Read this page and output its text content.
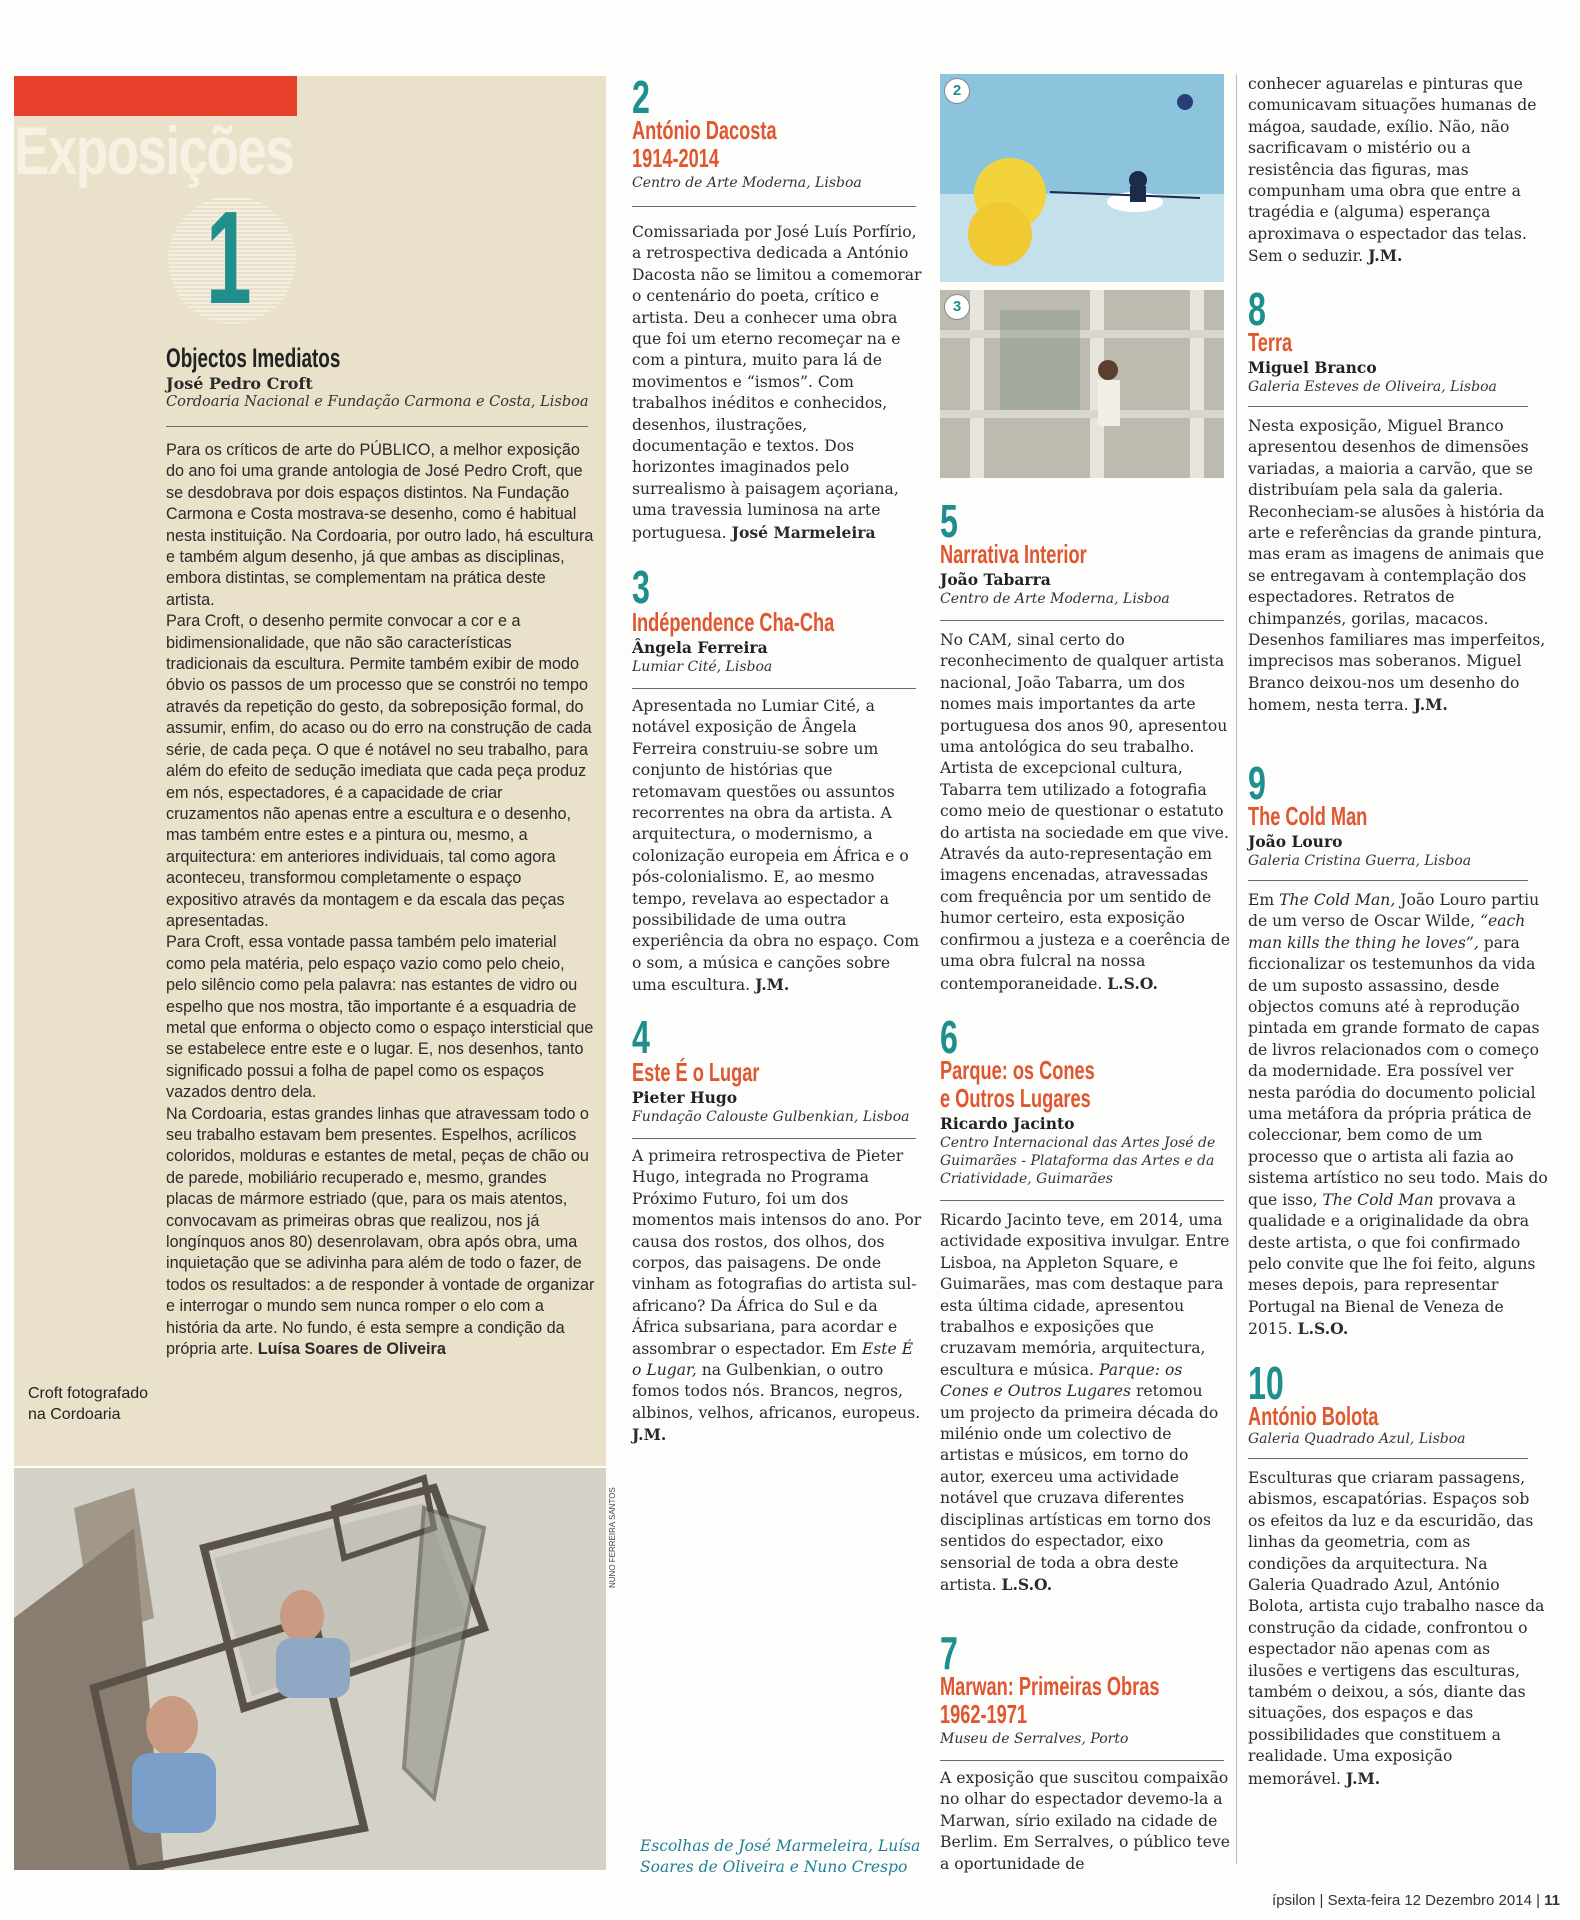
Exposições
1
Objectos Imediatos
José Pedro Croft
Cordoaria Nacional e Fundação Carmona e Costa, Lisboa

Para os críticos de arte do PÚBLICO, a melhor exposição do ano foi uma grande antologia de José Pedro Croft, que se desdobrava por dois espaços distintos. Na Fundação Carmona e Costa mostrava-se desenho, como é habitual nesta instituição. Na Cordoaria, por outro lado, há escultura e também algum desenho, já que ambas as disciplinas, embora distintas, se complementam na prática deste artista.

Para Croft, o desenho permite convocar a cor e a bidimensionalidade, que não são características tradicionais da escultura. Permite também exibir de modo óbvio os passos de um processo que se constrói no tempo através da repetição do gesto, da sobreposição formal, do assumir, enfim, do acaso ou do erro na construção de cada série, de cada peça. O que é notável no seu trabalho, para além do efeito de sedução imediata que cada peça produz em nós, espectadores, é a capacidade de criar cruzamentos não apenas entre a escultura e o desenho, mas também entre estes e a pintura ou, mesmo, a arquitectura: em anteriores individuais, tal como agora aconteceu, transformou completamente o espaço expositivo através da montagem e da escala das peças apresentadas.

Para Croft, essa vontade passa também pelo imaterial como pela matéria, pelo espaço vazio como pelo cheio, pelo silêncio como pela palavra: nas estantes de vidro ou espelho que nos mostra, tão importante é a esquadria de metal que enforma o objecto como o espaço intersticial que se estabelece entre este e o lugar. E, nos desenhos, tanto significado possui a folha de papel como os espaços vazados dentro dela.

Na Cordoaria, estas grandes linhas que atravessam todo o seu trabalho estavam bem presentes. Espelhos, acrílicos coloridos, molduras e estantes de metal, peças de chão ou de parede, mobiliário recuperado e, mesmo, grandes placas de mármore estriado (que, para os mais atentos, convocavam as primeiras obras que realizou, nos já longínquos anos 80) desenrolavam, obra após obra, uma inquietação que se adivinha para além de todo o fazer, de todos os resultados: a de responder à vontade de organizar e interrogar o mundo sem nunca romper o elo com a história da arte. No fundo, é esta sempre a condição da própria arte. Luísa Soares de Oliveira

Croft fotografado na Cordoaria
NUNO FERREIRA SANTOS
2
António Dacosta
1914-2014
Centro de Arte Moderna, Lisboa
Comissariada por José Luís Porfírio, a retrospectiva dedicada a António Dacosta não se limitou a comemorar o centenário do poeta, crítico e artista. Deu a conhecer uma obra que foi um eterno recomeçar na e com a pintura, muito para lá de movimentos e “ismos”. Com trabalhos inéditos e conhecidos, desenhos, ilustrações, documentação e textos. Dos horizontes imaginados pelo surrealismo à paisagem açoriana, uma travessia luminosa na arte portuguesa. José Marmeleira
3
Indépendence Cha-Cha
Ângela Ferreira
Lumiar Cité, Lisboa
Apresentada no Lumiar Cité, a notável exposição de Ângela Ferreira construiu-se sobre um conjunto de histórias que retomavam questões ou assuntos recorrentes na obra da artista. A arquitectura, o modernismo, a colonização europeia em África e o pós-colonialismo. E, ao mesmo tempo, revelava ao espectador a possibilidade de uma outra experiência da obra no espaço. Com o som, a música e canções sobre uma escultura. J.M.
4
Este É o Lugar
Pieter Hugo
Fundação Calouste Gulbenkian, Lisboa
A primeira retrospectiva de Pieter Hugo, integrada no Programa Próximo Futuro, foi um dos momentos mais intensos do ano. Por causa dos rostos, dos olhos, dos corpos, das paisagens. De onde vinham as fotografias do artista sul-africano? Da África do Sul e da África subsariana, para acordar e assombrar o espectador. Em Este É o Lugar, na Gulbenkian, o outro fomos todos nós. Brancos, negros, albinos, velhos, africanos, europeus. J.M.
Escolhas de José Marmeleira, Luísa Soares de Oliveira e Nuno Crespo
2
3
5
Narrativa Interior
João Tabarra
Centro de Arte Moderna, Lisboa
No CAM, sinal certo do reconhecimento de qualquer artista nacional, João Tabarra, um dos nomes mais importantes da arte portuguesa dos anos 90, apresentou uma antológica do seu trabalho. Artista de excepcional cultura, Tabarra tem utilizado a fotografia como meio de questionar o estatuto do artista na sociedade em que vive. Através da auto-representação em imagens encenadas, atravessadas com frequência por um sentido de humor certeiro, esta exposição confirmou a justeza e a coerência de uma obra fulcral na nossa contemporaneidade. L.S.O.
6
Parque: os Cones
e Outros Lugares
Ricardo Jacinto
Centro Internacional das Artes José de Guimarães - Plataforma das Artes e da Criatividade, Guimarães
Ricardo Jacinto teve, em 2014, uma actividade expositiva invulgar. Entre Lisboa, na Appleton Square, e Guimarães, mas com destaque para esta última cidade, apresentou trabalhos e exposições que cruzavam memória, arquitectura, escultura e música. Parque: os Cones e Outros Lugares retomou um projecto da primeira década do milénio onde um colectivo de artistas e músicos, em torno do autor, exerceu uma actividade notável que cruzava diferentes disciplinas artísticas em torno dos sentidos do espectador, eixo sensorial de toda a obra deste artista. L.S.O.
7
Marwan: Primeiras Obras
1962-1971
Museu de Serralves, Porto
A exposição que suscitou compaixão no olhar do espectador devemo-la a Marwan, sírio exilado na cidade de Berlim. Em Serralves, o público teve a oportunidade de
conhecer aguarelas e pinturas que comunicavam situações humanas de mágoa, saudade, exílio. Não, não sacrificavam o mistério ou a resistência das figuras, mas compunham uma obra que entre a tragédia e (alguma) esperança aproximava o espectador das telas. Sem o seduzir. J.M.
8
Terra
Miguel Branco
Galeria Esteves de Oliveira, Lisboa
Nesta exposição, Miguel Branco apresentou desenhos de dimensões variadas, a maioria a carvão, que se distribuíam pela sala da galeria. Reconheciam-se alusões à história da arte e referências da grande pintura, mas eram as imagens de animais que se entregavam à contemplação dos espectadores. Retratos de chimpanzés, gorilas, macacos. Desenhos familiares mas imperfeitos, imprecisos mas soberanos. Miguel Branco deixou-nos um desenho do homem, nesta terra. J.M.
9
The Cold Man
João Louro
Galeria Cristina Guerra, Lisboa
Em The Cold Man, João Louro partiu de um verso de Oscar Wilde, “each man kills the thing he loves”, para ficcionalizar os testemunhos da vida de um suposto assassino, desde objectos comuns até à reprodução pintada em grande formato de capas de livros relacionados com o começo da modernidade. Era possível ver nesta paródia do documento policial uma metáfora da própria prática de coleccionar, bem como de um processo que o artista ali fazia ao sistema artístico no seu todo. Mais do que isso, The Cold Man provava a qualidade e a originalidade da obra deste artista, o que foi confirmado pelo convite que lhe foi feito, alguns meses depois, para representar Portugal na Bienal de Veneza de 2015. L.S.O.
10
António Bolota
Galeria Quadrado Azul, Lisboa
Esculturas que criaram passagens, abismos, escapatórias. Espaços sob os efeitos da luz e da escuridão, das linhas da geometria, com as condições da arquitectura. Na Galeria Quadrado Azul, António Bolota, artista cujo trabalho nasce da construção da cidade, confrontou o espectador não apenas com as ilusões e vertigens das esculturas, também o deixou, a sós, diante das situações, dos espaços e das possibilidades que constituem a realidade. Uma exposição memorável. J.M.
ípsilon | Sexta-feira 12 Dezembro 2014 | 11
